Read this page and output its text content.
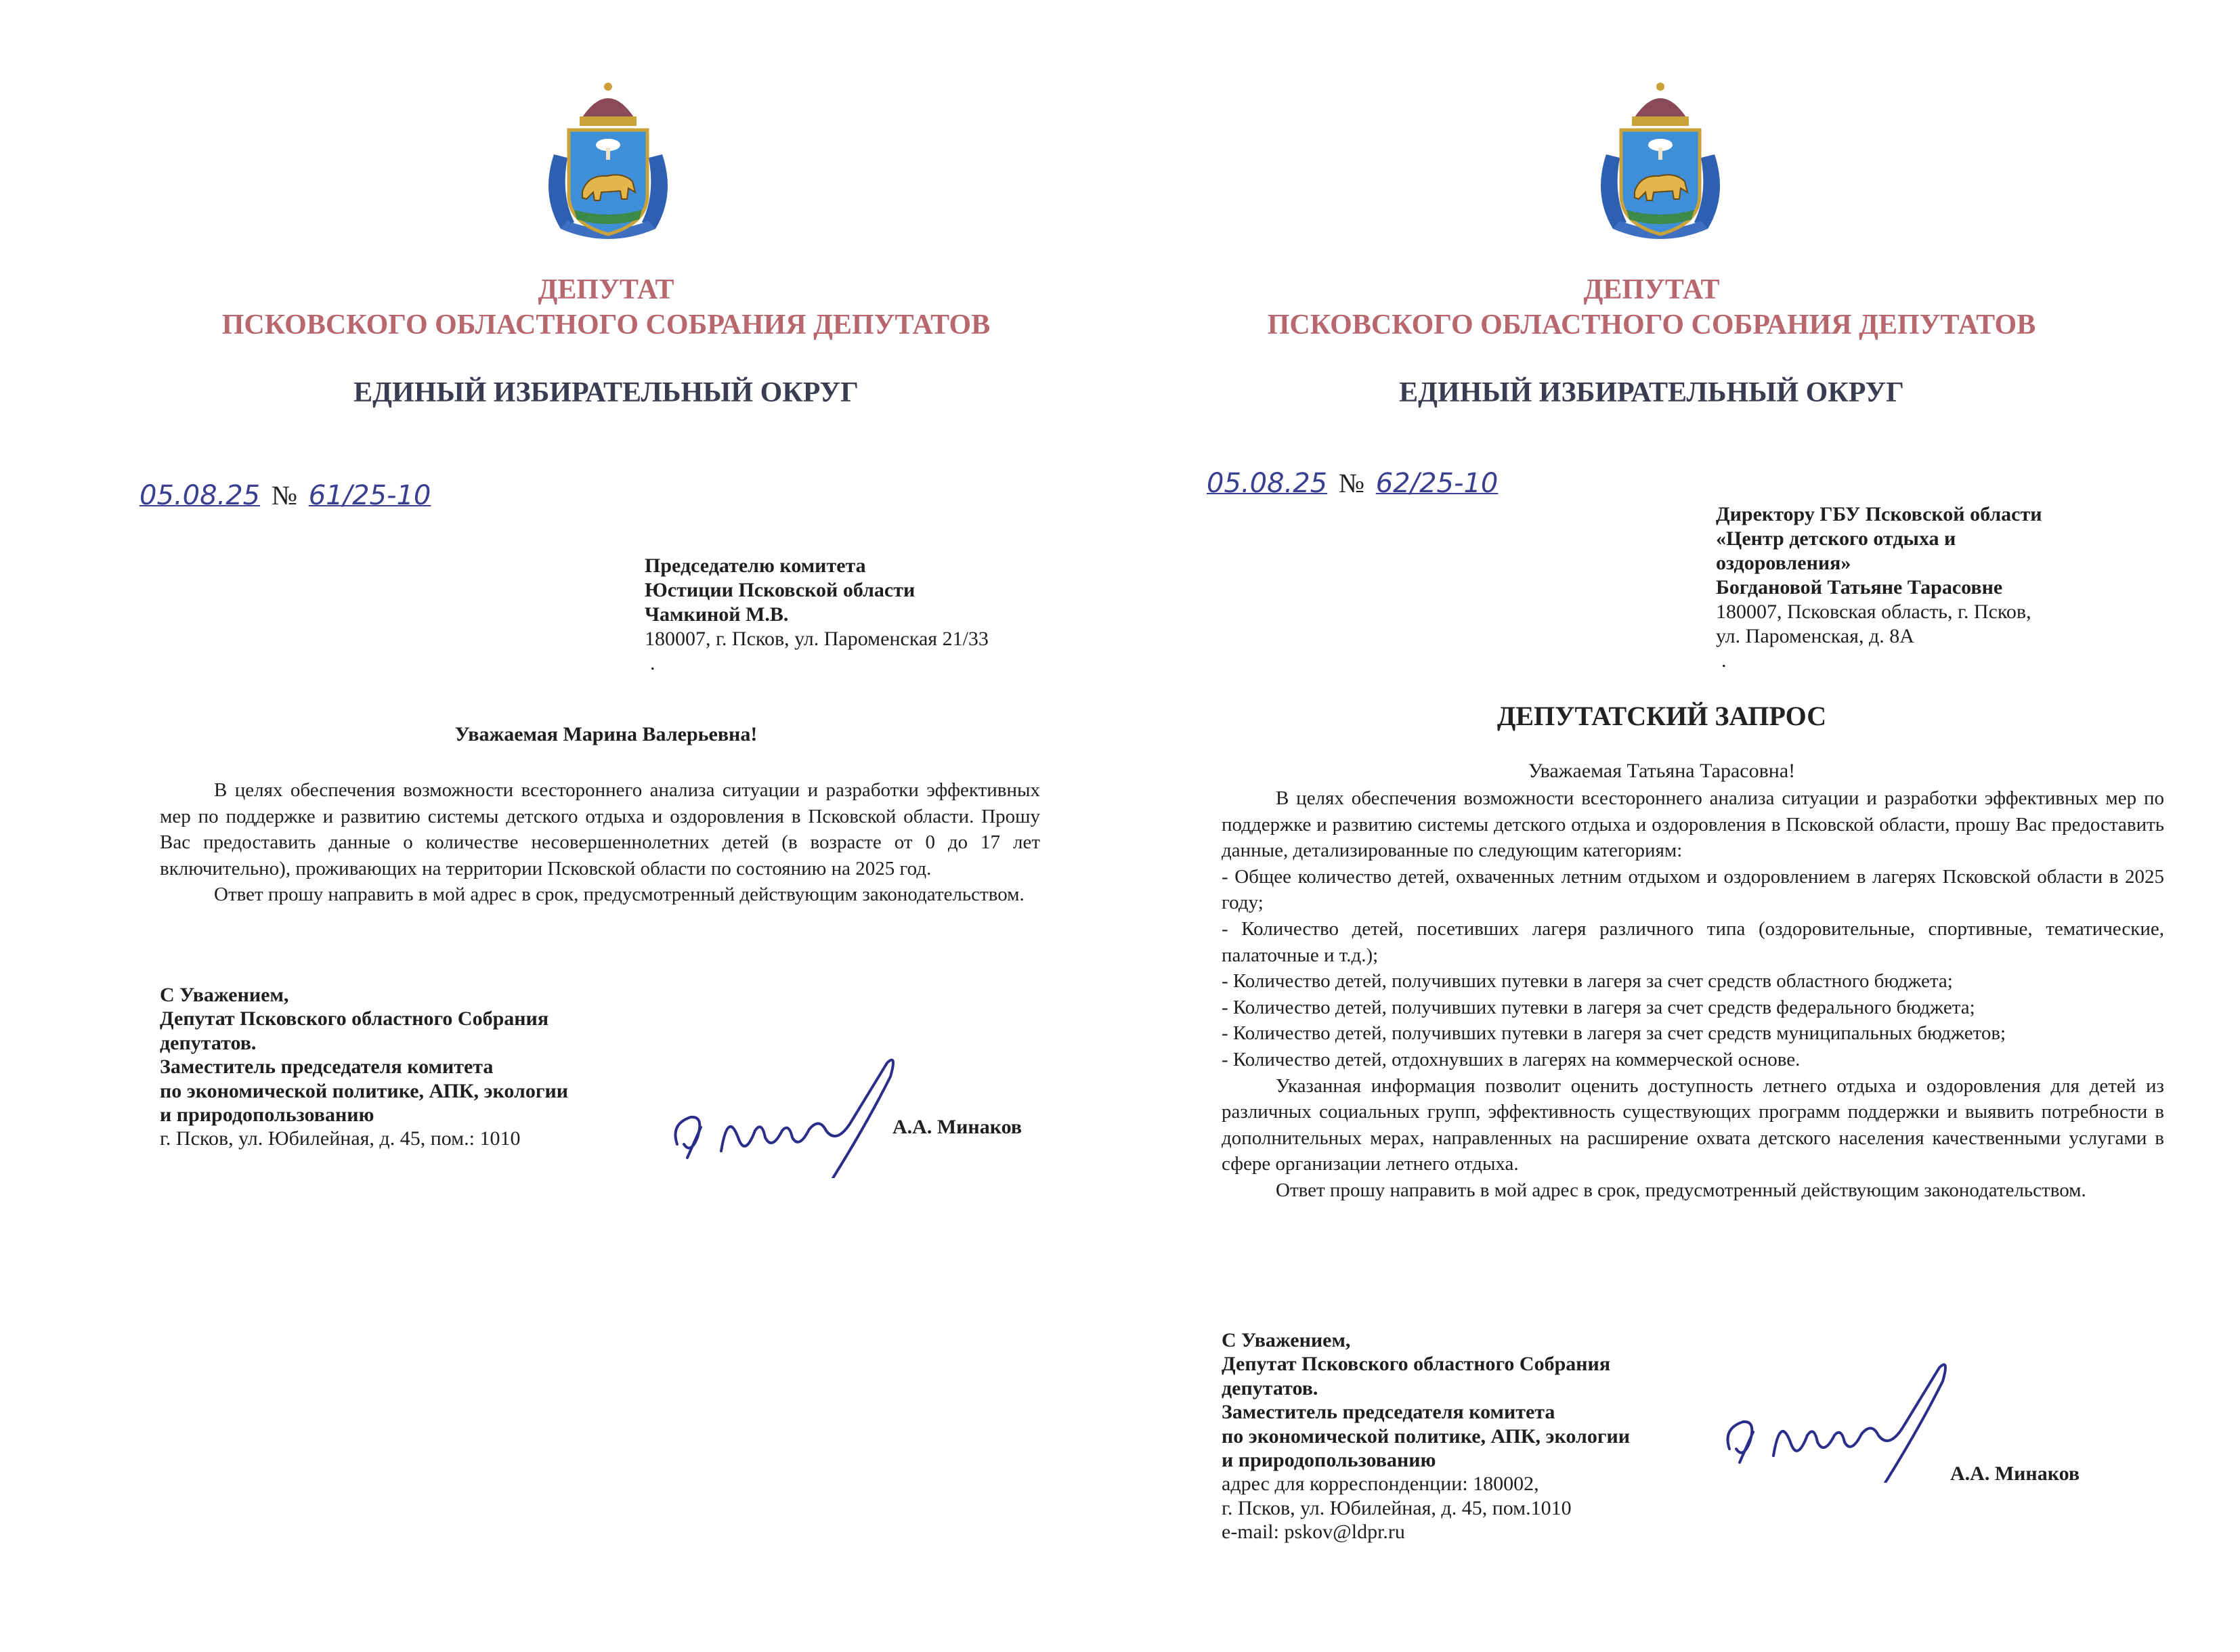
ДЕПУТАТ

ПСКОВСКОГО ОБЛАСТНОГО СОБРАНИЯ ДЕПУТАТОВ

ЕДИНЫЙ ИЗБИРАТЕЛЬНЫЙ ОКРУГ

05.08.25 № 61/25-10
Председателю комитета
Юстиции Псковской области
Чамкиной М.В.
180007, г. Псков, ул. Пароменская 21/33
.
Уважаемая Марина Валерьевна!

В целях обеспечения возможности всестороннего анализа ситуации и разработки эффективных мер по поддержке и развитию системы детского отдыха и оздоровления в Псковской области. Прошу Вас предоставить данные о количестве несовершеннолетних детей (в возрасте от 0 до 17 лет включительно), проживающих на территории Псковской области по состоянию на 2025 год.

Ответ прошу направить в мой адрес в срок, предусмотренный действующим законодательством.

С Уважением,
Депутат Псковского областного Собрания
депутатов.
Заместитель председателя комитета
по экономической политике, АПК, экологии
и природопользованию
г. Псков, ул. Юбилейная, д. 45, пом.: 1010
А.А. Минаков

ДЕПУТАТ

ПСКОВСКОГО ОБЛАСТНОГО СОБРАНИЯ ДЕПУТАТОВ

ЕДИНЫЙ ИЗБИРАТЕЛЬНЫЙ ОКРУГ

05.08.25 № 62/25-10
Директору ГБУ Псковской области
«Центр детского отдыха и
оздоровления»
Богдановой Татьяне Тарасовне
180007, Псковская область, г. Псков,
ул. Пароменская, д. 8А
.
ДЕПУТАТСКИЙ ЗАПРОС
Уважаемая Татьяна Тарасовна!

В целях обеспечения возможности всестороннего анализа ситуации и разработки эффективных мер по поддержке и развитию системы детского отдыха и оздоровления в Псковской области, прошу Вас предоставить данные, детализированные по следующим категориям:

- Общее количество детей, охваченных летним отдыхом и оздоровлением в лагерях Псковской области в 2025 году;

- Количество детей, посетивших лагеря различного типа (оздоровительные, спортивные, тематические, палаточные и т.д.);

- Количество детей, получивших путевки в лагеря за счет средств областного бюджета;

- Количество детей, получивших путевки в лагеря за счет средств федерального бюджета;

- Количество детей, получивших путевки в лагеря за счет средств муниципальных бюджетов;

- Количество детей, отдохнувших в лагерях на коммерческой основе.

Указанная информация позволит оценить доступность летнего отдыха и оздоровления для детей из различных социальных групп, эффективность существующих программ поддержки и выявить потребности в дополнительных мерах, направленных на расширение охвата детского населения качественными услугами в сфере организации летнего отдыха.

Ответ прошу направить в мой адрес в срок, предусмотренный действующим законодательством.

С Уважением,
Депутат Псковского областного Собрания
депутатов.
Заместитель председателя комитета
по экономической политике, АПК, экологии
и природопользованию
адрес для корреспонденции: 180002,
г. Псков, ул. Юбилейная, д. 45, пом.1010
e-mail: pskov@ldpr.ru
А.А. Минаков
